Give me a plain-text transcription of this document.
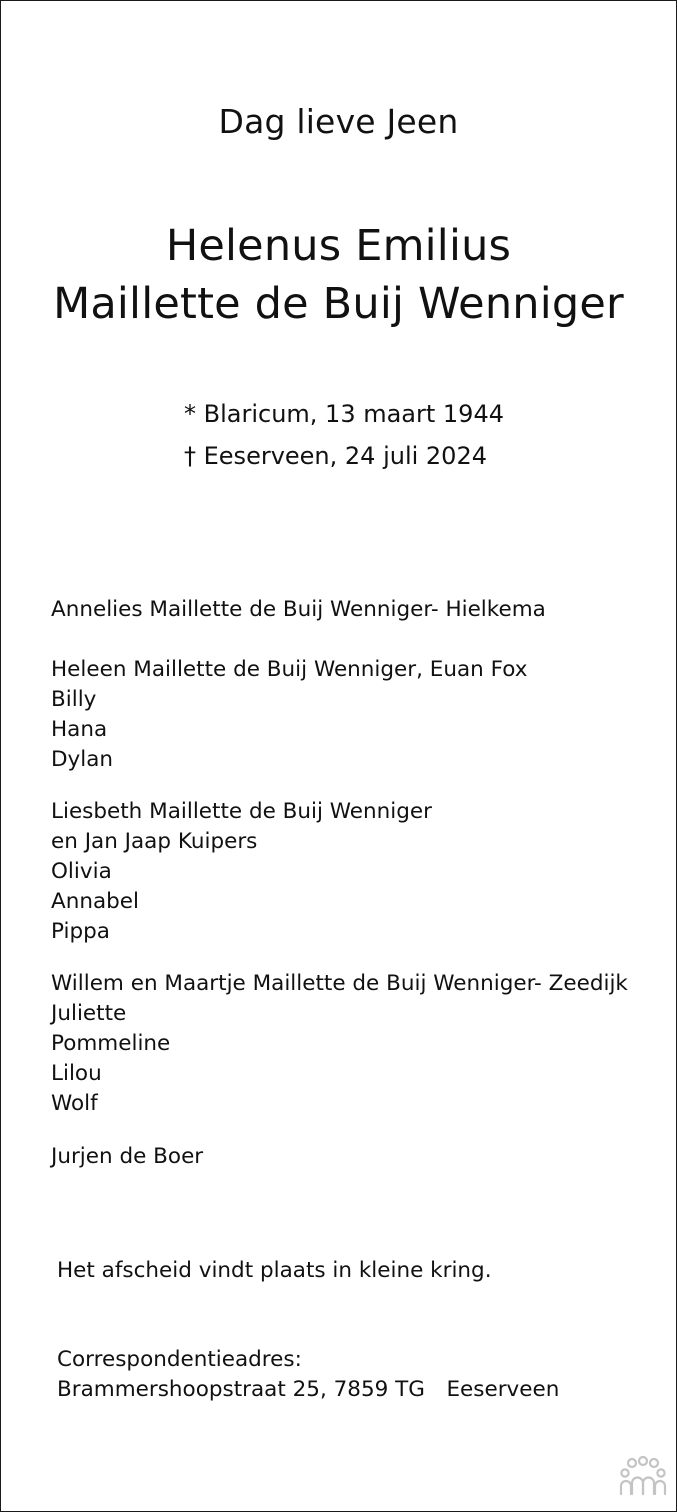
Dag lieve Jeen
Helenus Emilius
Maillette de Buij Wenniger
* Blaricum, 13 maart 1944
† Eeserveen, 24 juli 2024
Annelies Maillette de Buij Wenniger- Hielkema
Heleen Maillette de Buij Wenniger, Euan Fox
Billy
Hana
Dylan
Liesbeth Maillette de Buij Wenniger
en Jan Jaap Kuipers
Olivia
Annabel
Pippa
Willem en Maartje Maillette de Buij Wenniger- Zeedijk
Juliette
Pommeline
Lilou
Wolf
Jurjen de Boer
Het afscheid vindt plaats in kleine kring.
Correspondentieadres:
Brammershoopstraat 25, 7859 TG Eeserveen
